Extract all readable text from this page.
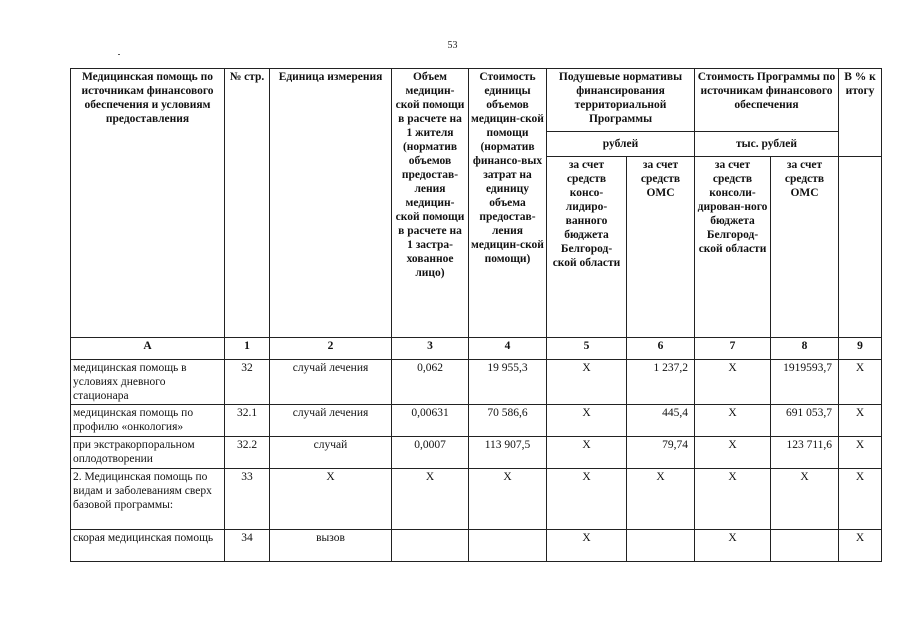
53
Медицинская помощь по источникам финансового обеспечения и условиям предоставления	№ стр.	Единица измерения	Объем медицин-ской помощи в расчете на 1 жителя (норматив объемов предостав-ления медицин-ской помощи в расчете на 1 застра-хованное лицо)	Стоимость единицы объемов медицин-ской помощи (норматив финансо-вых затрат на единицу объема предостав-ления медицин-ской помощи)	Подушевые нормативы финансирования территориальной Программы		Стоимость Программы по источникам финансового обеспечения		В % к итогу
					рублей		тыс. рублей		
					за счет средств консо-лидиро-ванного бюджета Белгород-ской области	за счет средств ОМС	за счет средств консоли-дирован-ного бюджета Белгород-ской области	за счет средств ОМС	
А	1	2	3	4	5	6	7	8	9
медицинская помощь в условиях дневного стационара	32	случай лечения	0,062	19 955,3	Х	1 237,2	Х	1919593,7	Х
медицинская помощь по профилю «онкология»	32.1	случай лечения	0,00631	70 586,6	Х	445,4	Х	691 053,7	Х
при экстракорпоральном оплодотворении	32.2	случай	0,0007	113 907,5	Х	79,74	Х	123 711,6	Х
2. Медицинская помощь по видам и заболеваниям сверх базовой программы:	33	Х	Х	Х	Х	Х	Х	Х	Х
скорая медицинская помощь	34	вызов			Х		Х		Х
